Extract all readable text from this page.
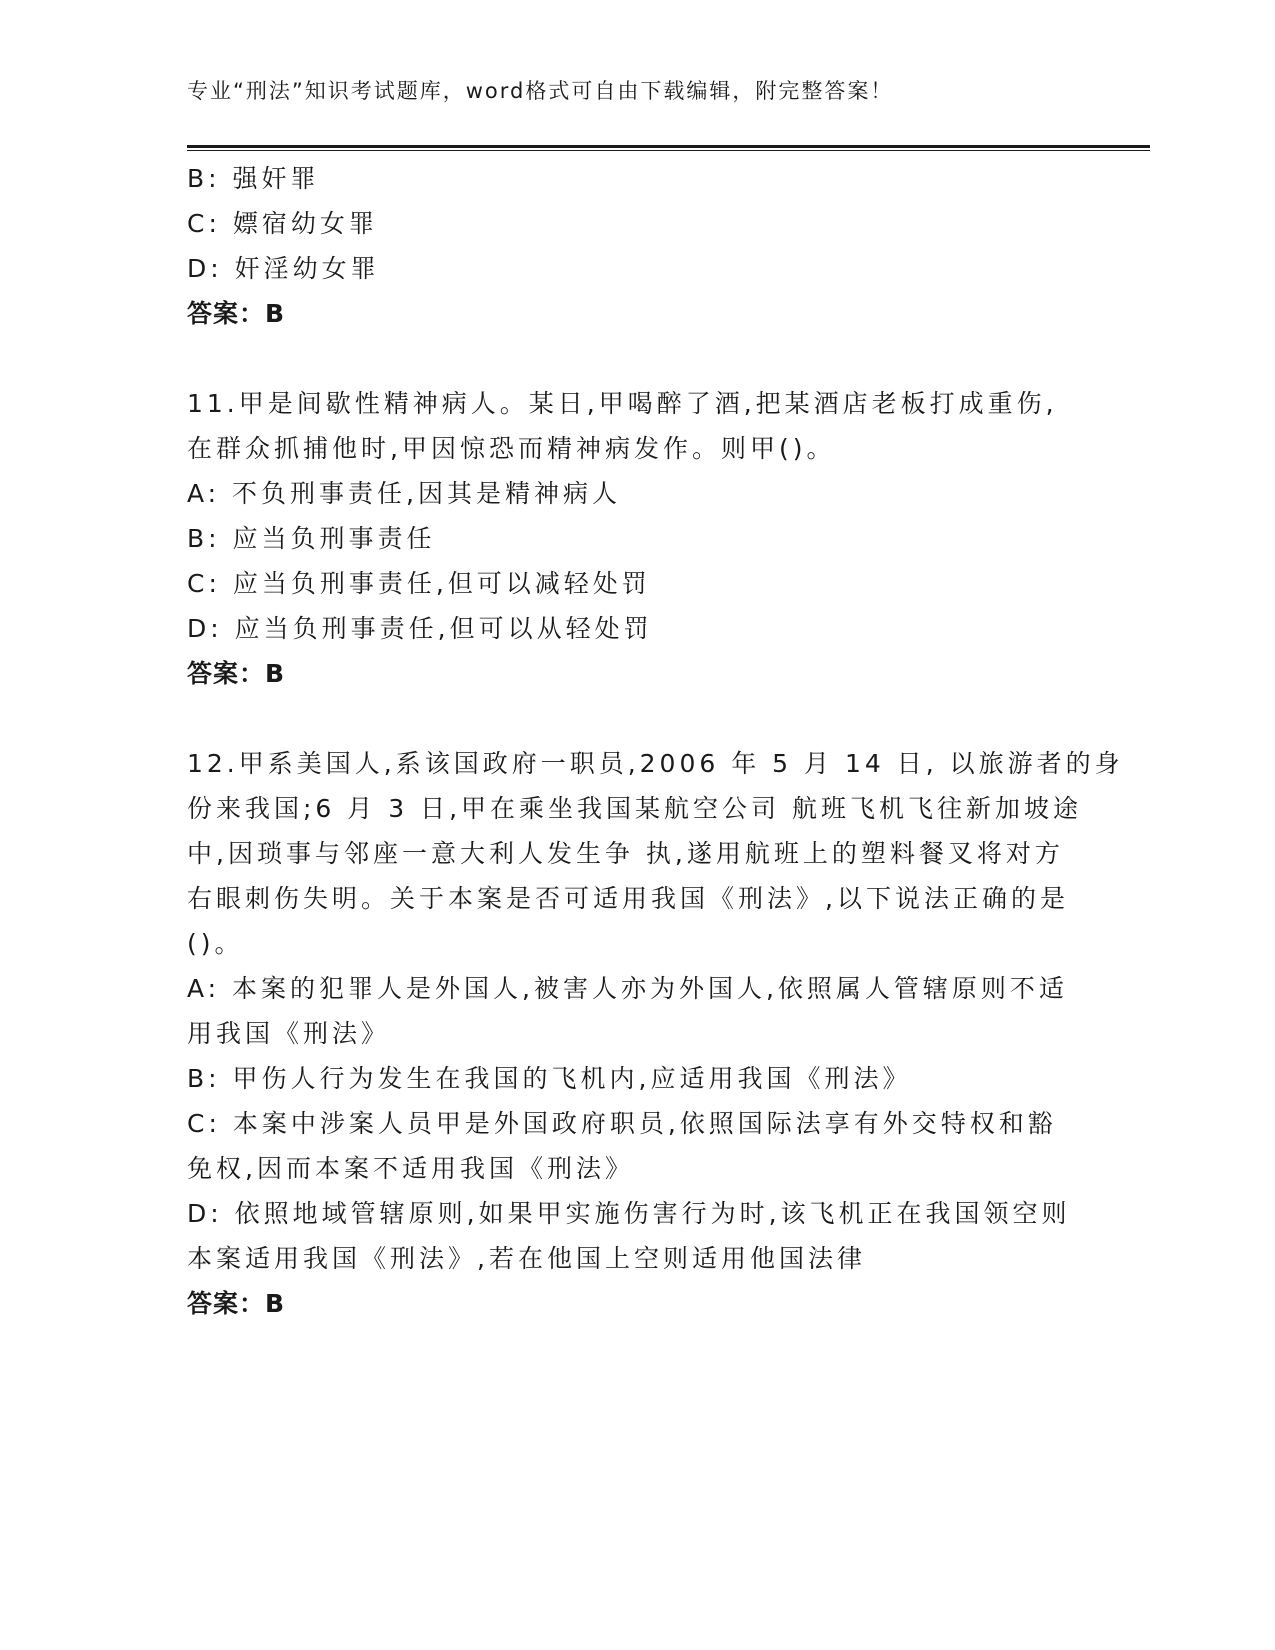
专业“刑法”知识考试题库，word格式可自由下载编辑，附完整答案！
B: 强奸罪
C: 嫖宿幼女罪
D: 奸淫幼女罪
答案：B
11.甲是间歇性精神病人。某日,甲喝醉了酒,把某酒店老板打成重伤,
在群众抓捕他时,甲因惊恐而精神病发作。则甲()。
A: 不负刑事责任,因其是精神病人
B: 应当负刑事责任
C: 应当负刑事责任,但可以减轻处罚
D: 应当负刑事责任,但可以从轻处罚
答案：B
12.甲系美国人,系该国政府一职员,2006 年 5 月 14 日, 以旅游者的身
份来我国;6 月 3 日,甲在乘坐我国某航空公司 航班飞机飞往新加坡途
中,因琐事与邻座一意大利人发生争 执,遂用航班上的塑料餐叉将对方
右眼刺伤失明。关于本案是否可适用我国《刑法》,以下说法正确的是
()。
A: 本案的犯罪人是外国人,被害人亦为外国人,依照属人管辖原则不适
用我国《刑法》
B: 甲伤人行为发生在我国的飞机内,应适用我国《刑法》
C: 本案中涉案人员甲是外国政府职员,依照国际法享有外交特权和豁
免权,因而本案不适用我国《刑法》
D: 依照地域管辖原则,如果甲实施伤害行为时,该飞机正在我国领空则
本案适用我国《刑法》,若在他国上空则适用他国法律
答案：B
